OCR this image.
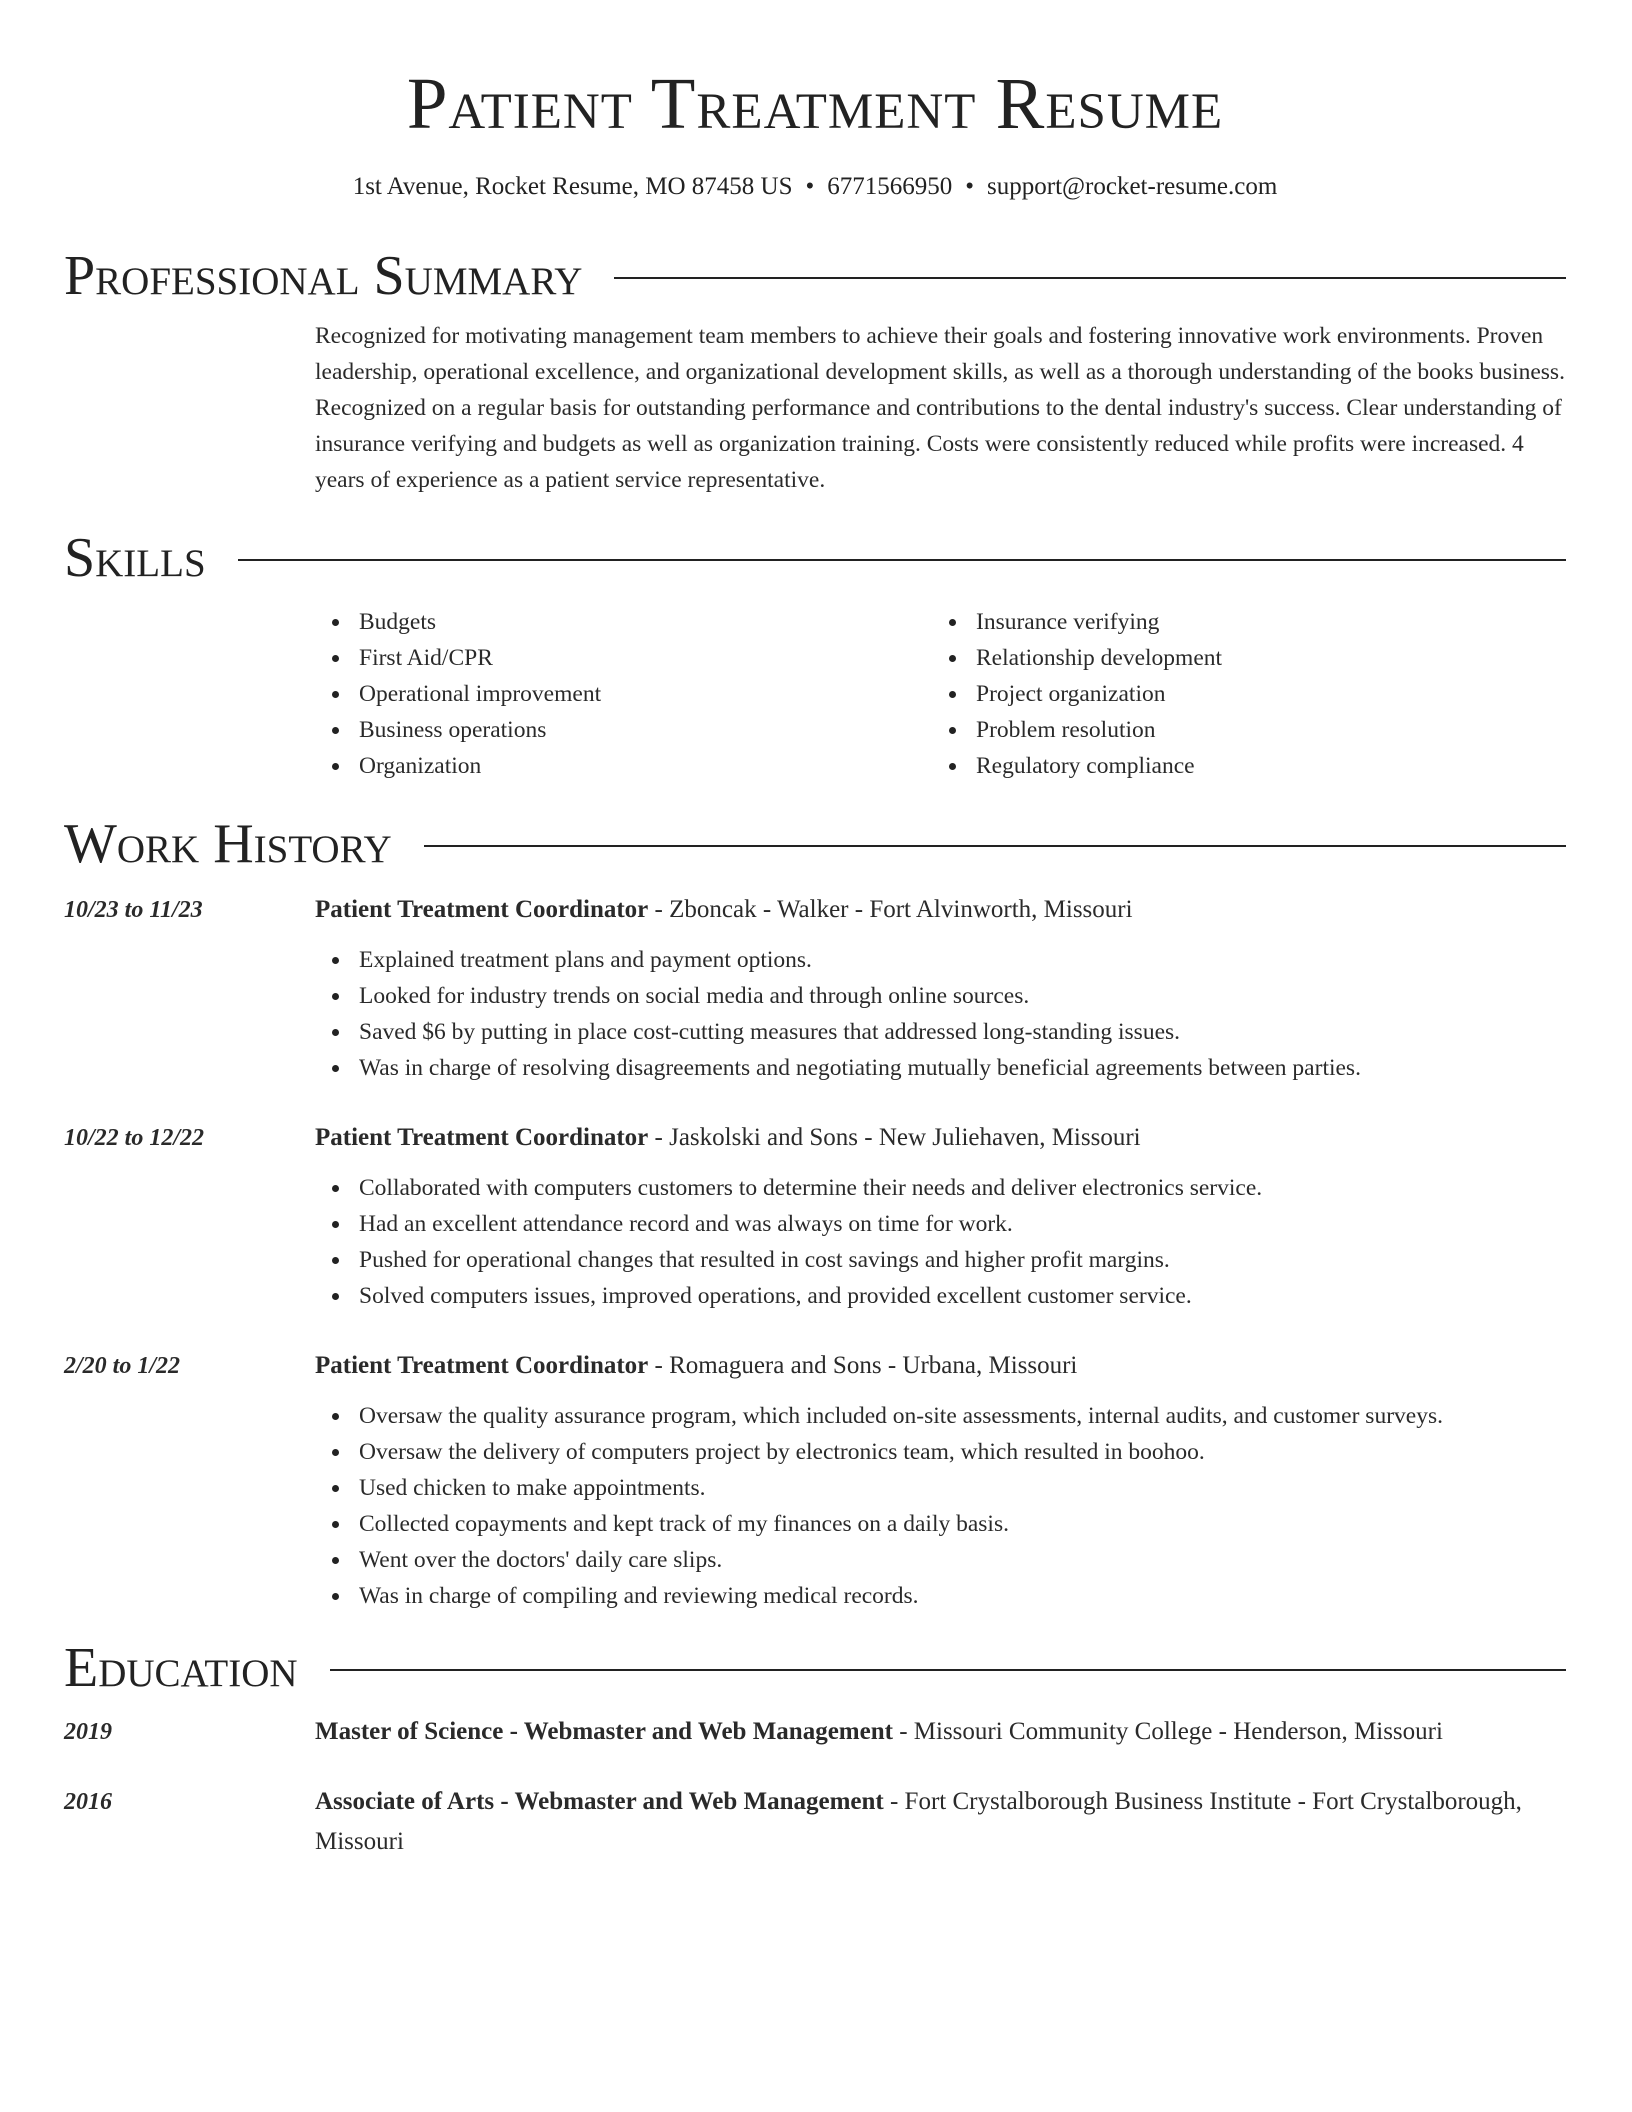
Patient Treatment Resume
1st Avenue, Rocket Resume, MO 87458 US • 6771566950 • support@rocket-resume.com
Professional Summary
Recognized for motivating management team members to achieve their goals and fostering innovative work environments. Proven leadership, operational excellence, and organizational development skills, as well as a thorough understanding of the books business. Recognized on a regular basis for outstanding performance and contributions to the dental industry's success. Clear understanding of insurance verifying and budgets as well as organization training. Costs were consistently reduced while profits were increased. 4 years of experience as a patient service representative.
Skills
Budgets
First Aid/CPR
Operational improvement
Business operations
Organization
Insurance verifying
Relationship development
Project organization
Problem resolution
Regulatory compliance
Work History
10/23 to 11/23	Patient Treatment Coordinator - Zboncak - Walker - Fort Alvinworth, Missouri
Explained treatment plans and payment options.
Looked for industry trends on social media and through online sources.
Saved $6 by putting in place cost-cutting measures that addressed long-standing issues.
Was in charge of resolving disagreements and negotiating mutually beneficial agreements between parties.
10/22 to 12/22	Patient Treatment Coordinator - Jaskolski and Sons - New Juliehaven, Missouri
Collaborated with computers customers to determine their needs and deliver electronics service.
Had an excellent attendance record and was always on time for work.
Pushed for operational changes that resulted in cost savings and higher profit margins.
Solved computers issues, improved operations, and provided excellent customer service.
2/20 to 1/22	Patient Treatment Coordinator - Romaguera and Sons - Urbana, Missouri
Oversaw the quality assurance program, which included on-site assessments, internal audits, and customer surveys.
Oversaw the delivery of computers project by electronics team, which resulted in boohoo.
Used chicken to make appointments.
Collected copayments and kept track of my finances on a daily basis.
Went over the doctors' daily care slips.
Was in charge of compiling and reviewing medical records.
Education
2019	Master of Science - Webmaster and Web Management - Missouri Community College - Henderson, Missouri
2016	Associate of Arts - Webmaster and Web Management - Fort Crystalborough Business Institute - Fort Crystalborough, Missouri
